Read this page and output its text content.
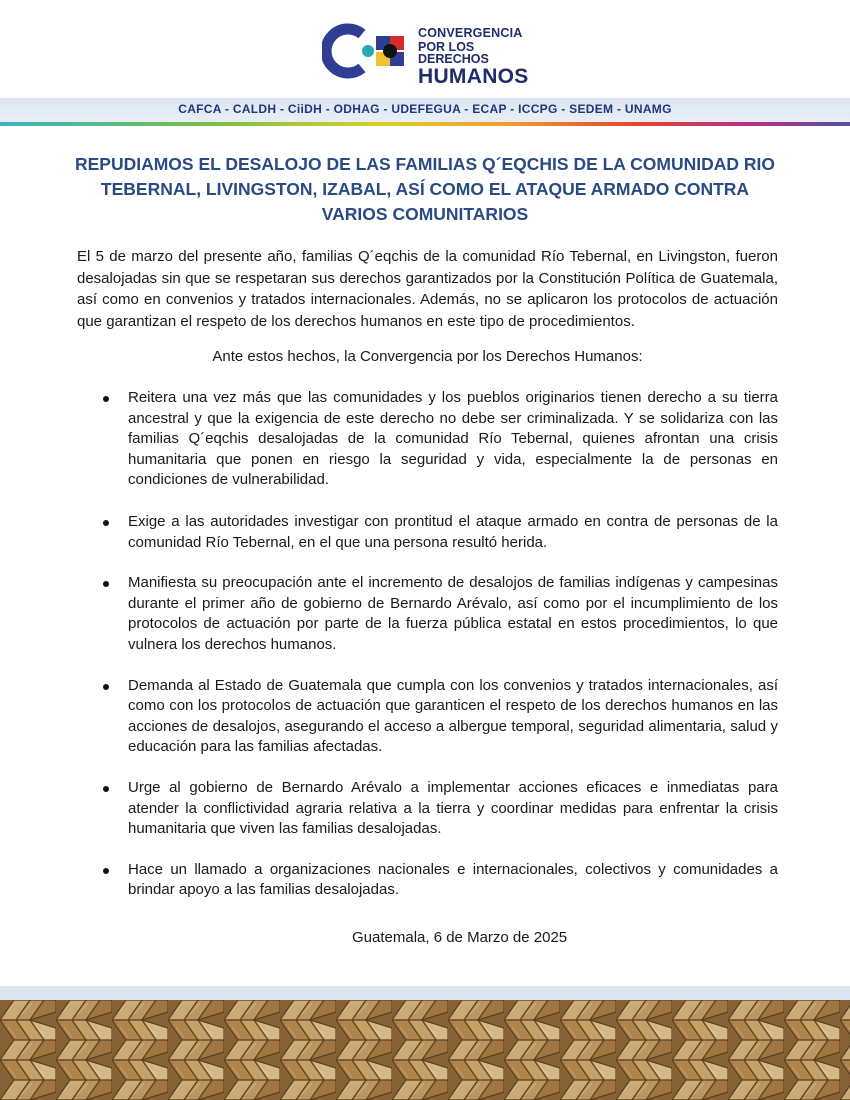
CONVERGENCIA
POR LOS DERECHOS
HUMANOS
CAFCA - CALDH - CiiDH - ODHAG - UDEFEGUA - ECAP - ICCPG - SEDEM - UNAMG
REPUDIAMOS EL DESALOJO DE LAS FAMILIAS Q´EQCHIS DE LA COMUNIDAD RIO TEBERNAL, LIVINGSTON, IZABAL, ASÍ COMO EL ATAQUE ARMADO CONTRA VARIOS COMUNITARIOS
El 5 de marzo del presente año, familias Q´eqchis de la comunidad Río Tebernal, en Livingston, fueron desalojadas sin que se respetaran sus derechos garantizados por la Constitución Política de Guatemala, así como en convenios y tratados internacionales. Además, no se aplicaron los protocolos de actuación que garantizan el respeto de los derechos humanos en este tipo de procedimientos.
Ante estos hechos, la Convergencia por los Derechos Humanos:
Reitera una vez más que las comunidades y los pueblos originarios tienen derecho a su tierra ancestral y que la exigencia de este derecho no debe ser criminalizada. Y se solidariza con las familias Q´eqchis desalojadas de la comunidad Río Tebernal, quienes afrontan una crisis humanitaria que ponen en riesgo la seguridad y vida, especialmente la de personas en condiciones de vulnerabilidad.
Exige a las autoridades investigar con prontitud el ataque armado en contra de personas de la comunidad Río Tebernal, en el que una persona resultó herida.
Manifiesta su preocupación ante el incremento de desalojos de familias indígenas y campesinas durante el primer año de gobierno de Bernardo Arévalo, así como por el incumplimiento de los protocolos de actuación por parte de la fuerza pública estatal en estos procedimientos, lo que vulnera los derechos humanos.
Demanda al Estado de Guatemala que cumpla con los convenios y tratados internacionales, así como con los protocolos de actuación que garanticen el respeto de los derechos humanos en las acciones de desalojos, asegurando el acceso a albergue temporal, seguridad alimentaria, salud y educación para las familias afectadas.
Urge al gobierno de Bernardo Arévalo a implementar acciones eficaces e inmediatas para atender la conflictividad agraria relativa a la tierra y coordinar medidas para enfrentar la crisis humanitaria que viven las familias desalojadas.
Hace un llamado a organizaciones nacionales e internacionales, colectivos y comunidades a brindar apoyo a las familias desalojadas.
Guatemala, 6 de Marzo de 2025
